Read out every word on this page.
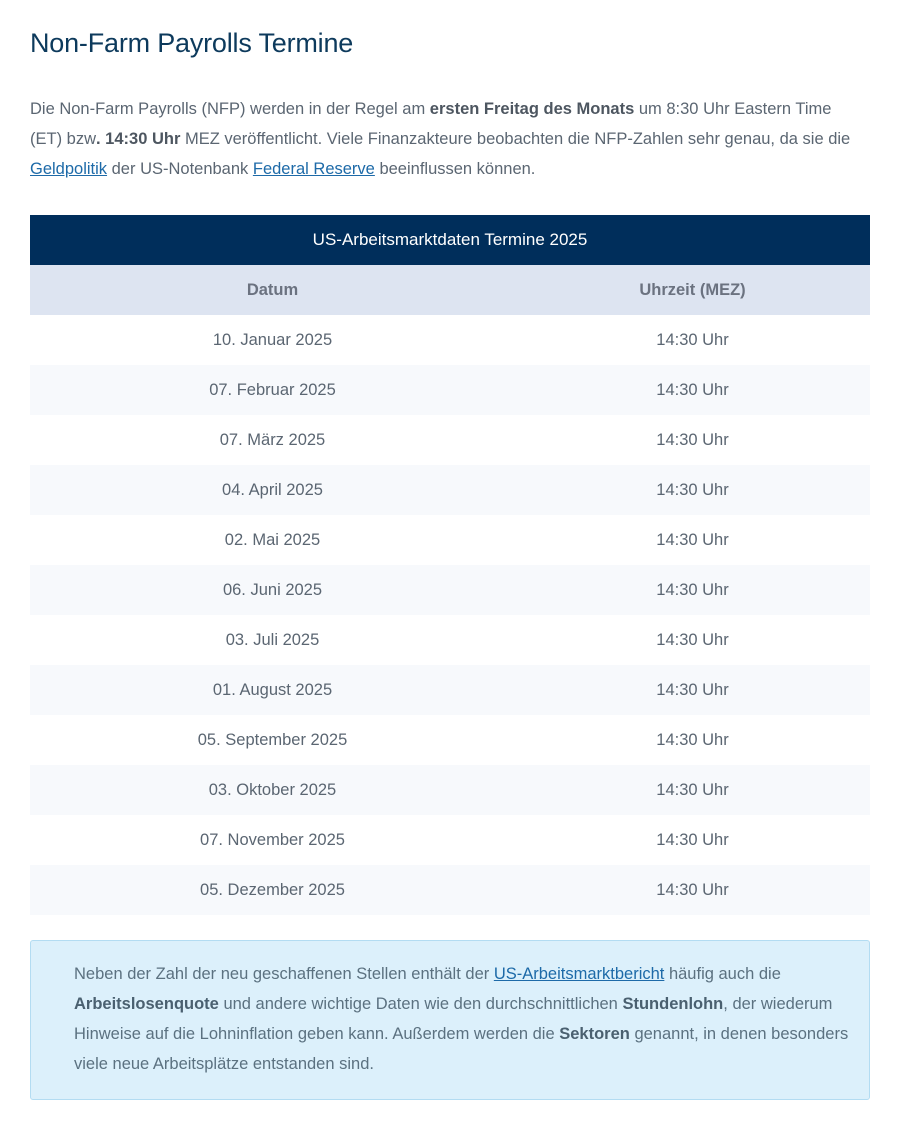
Non-Farm Payrolls Termine

Die Non-Farm Payrolls (NFP) werden in der Regel am ersten Freitag des Monats um 8:30 Uhr Eastern Time (ET) bzw. 14:30 Uhr MEZ veröffentlicht. Viele Finanzakteure beobachten die NFP-Zahlen sehr genau, da sie die Geldpolitik der US-Notenbank Federal Reserve beeinflussen können.

US-Arbeitsmarktdaten Termine 2025	
Datum	Uhrzeit (MEZ)
10. Januar 2025	14:30 Uhr
07. Februar 2025	14:30 Uhr
07. März 2025	14:30 Uhr
04. April 2025	14:30 Uhr
02. Mai 2025	14:30 Uhr
06. Juni 2025	14:30 Uhr
03. Juli 2025	14:30 Uhr
01. August 2025	14:30 Uhr
05. September 2025	14:30 Uhr
03. Oktober 2025	14:30 Uhr
07. November 2025	14:30 Uhr
05. Dezember 2025	14:30 Uhr
Neben der Zahl der neu geschaffenen Stellen enthält der US-Arbeitsmarktbericht häufig auch die Arbeitslosenquote und andere wichtige Daten wie den durchschnittlichen Stundenlohn, der wiederum Hinweise auf die Lohninflation geben kann. Außerdem werden die Sektoren genannt, in denen besonders viele neue Arbeitsplätze entstanden sind.
